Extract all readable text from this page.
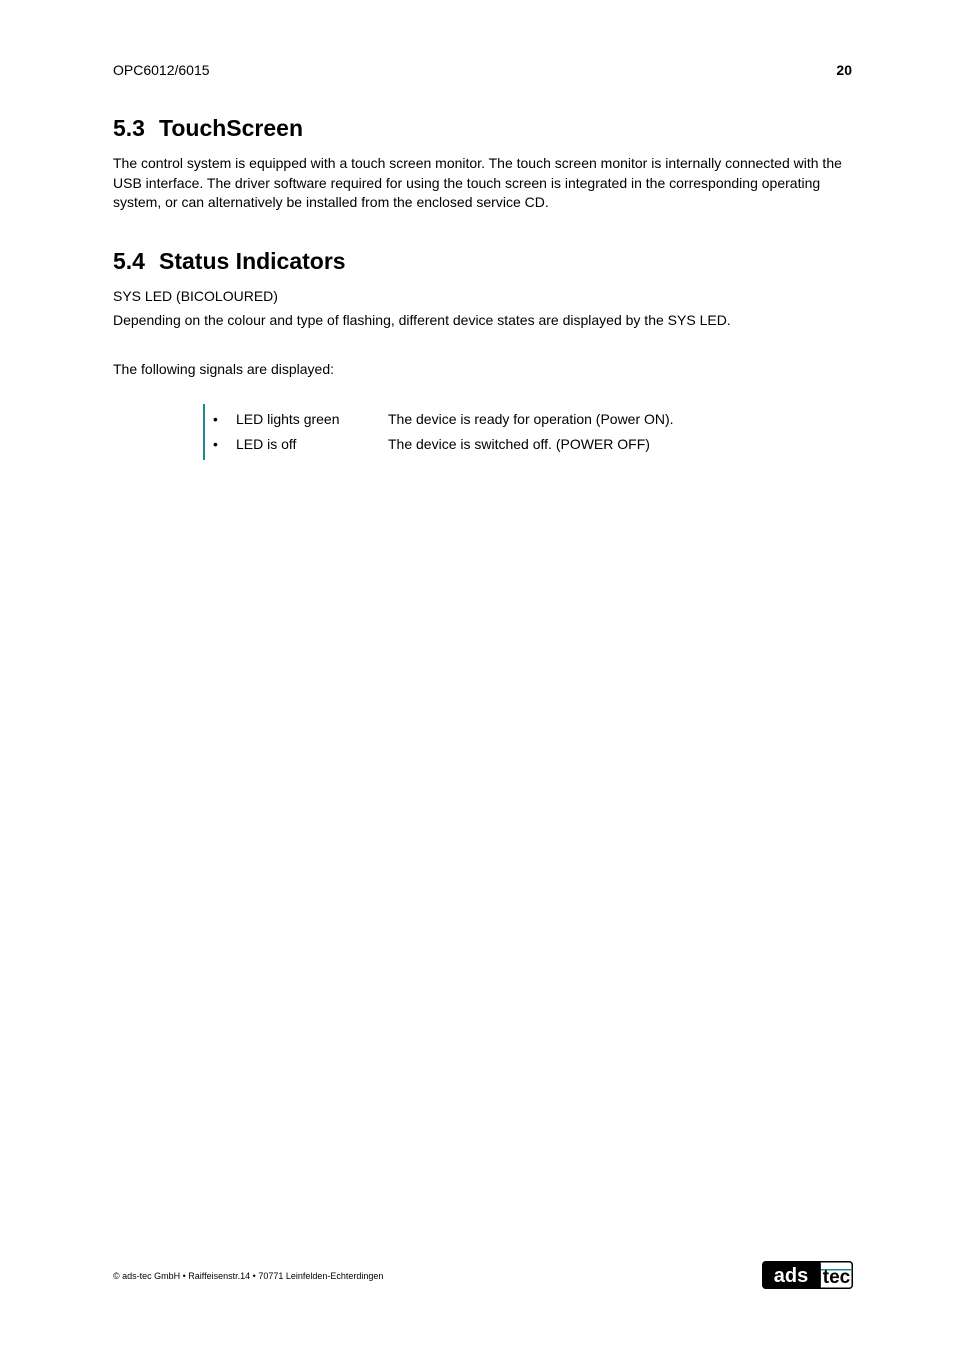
OPC6012/6015	20
5.3 TouchScreen
The control system is equipped with a touch screen monitor. The touch screen monitor is internally connected with the USB interface. The driver software required for using the touch screen is integrated in the corresponding operating system, or can alternatively be installed from the enclosed service CD.
5.4 Status Indicators
SYS LED (BICOLOURED)
Depending on the colour and type of flashing, different device states are displayed by the SYS LED.
The following signals are displayed:
•	LED lights green	The device is ready for operation (Power ON).
•	LED is off	The device is switched off. (POWER OFF)
© ads-tec GmbH • Raiffeisenstr.14 • 70771 Leinfelden-Echterdingen	ads tec
